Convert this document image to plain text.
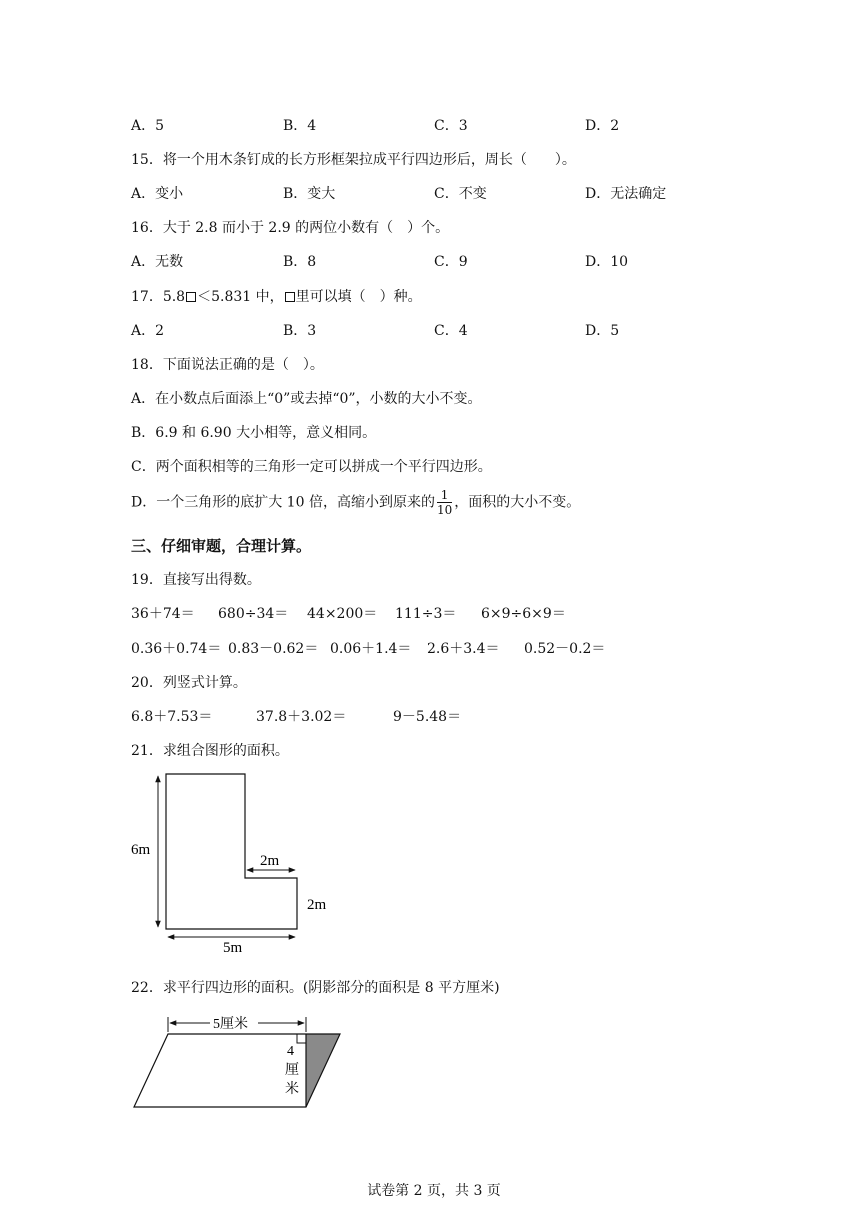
A．5	B．4	C．3	D．2
15．将一个用木条钉成的长方形框架拉成平行四边形后，周长（　　）。
A．变小	B．变大	C．不变	D．无法确定
16．大于 2.8 而小于 2.9 的两位小数有（　）个。
A．无数	B．8	C．9	D．10
17．5.8 ＜5.831 中， 里可以填（　）种。
A．2	B．3	C．4	D．5
18．下面说法正确的是（　）。
A．在小数点后面添上“0”或去掉“0”，小数的大小不变。
B．6.9 和 6.90 大小相等，意义相同。
C．两个面积相等的三角形一定可以拼成一个平行四边形。
D．一个三角形的底扩大 10 倍，高缩小到原来的 $\frac{1}{10}$ ，面积的大小不变。
三、仔细审题，合理计算。
19．直接写出得数。
36＋74＝ 680÷34＝ 44×200＝ 111÷3＝ 6×9÷6×9＝
0.36＋0.74＝ 0.83－0.62＝ 0.06＋1.4＝ 2.6＋3.4＝ 0.52－0.2＝
20．列竖式计算。
6.8＋7.53＝	37.8＋3.02＝	9－5.48＝
21．求组合图形的面积。
6m
2m
2m
5m
22．求平行四边形的面积。(阴影部分的面积是 8 平方厘米)
5厘米
4
厘
米
试卷第 2 页，共 3 页
